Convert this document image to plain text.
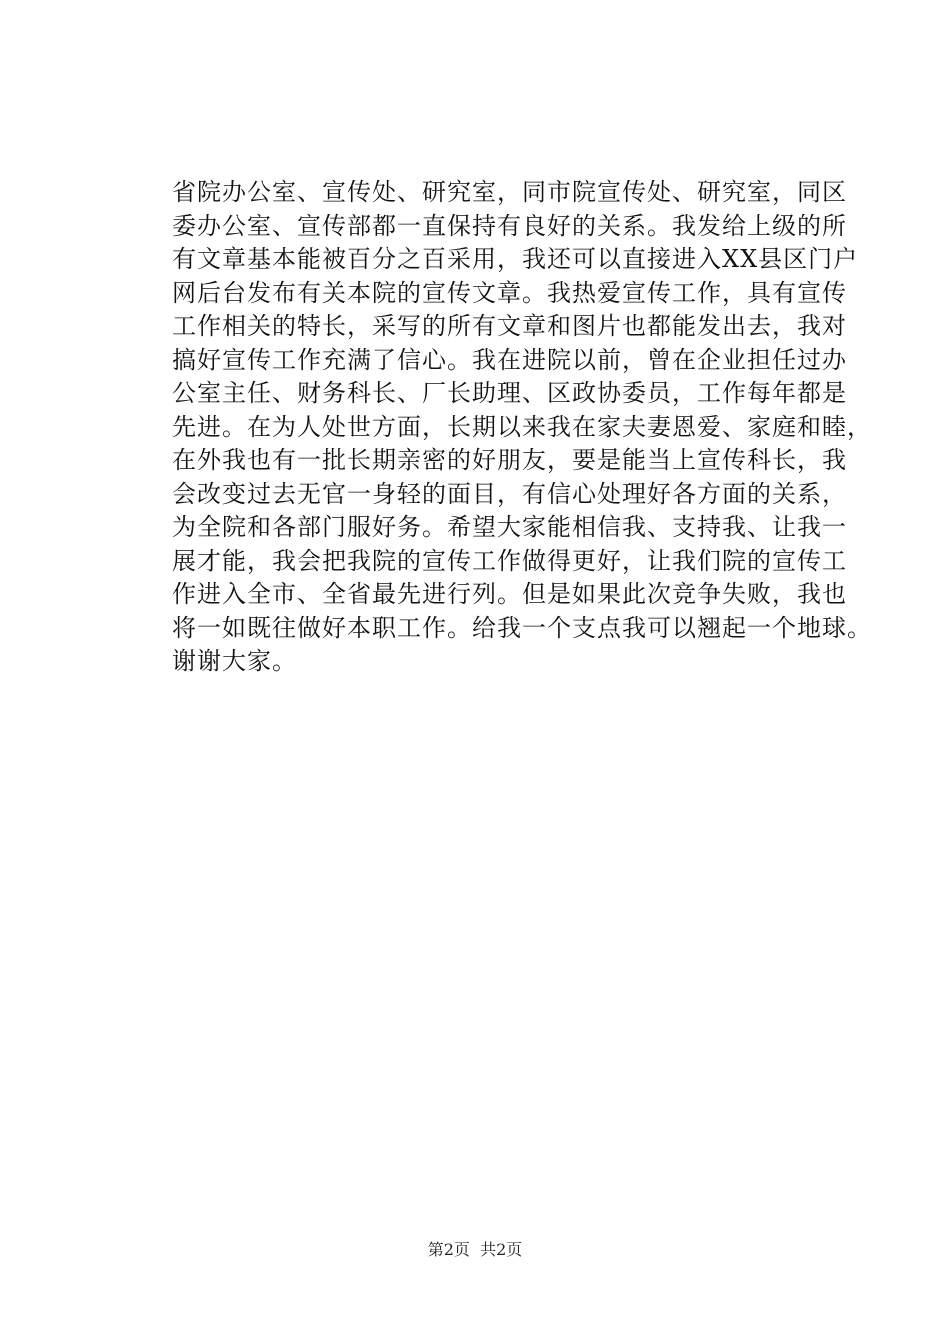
省院办公室、宣传处、研究室，同市院宣传处、研究室，同区
委办公室、宣传部都一直保持有良好的关系。我发给上级的所
有文章基本能被百分之百采用，我还可以直接进入XX县区门户
网后台发布有关本院的宣传文章。我热爱宣传工作，具有宣传
工作相关的特长，采写的所有文章和图片也都能发出去，我对
搞好宣传工作充满了信心。我在进院以前，曾在企业担任过办
公室主任、财务科长、厂长助理、区政协委员，工作每年都是
先进。在为人处世方面，长期以来我在家夫妻恩爱、家庭和睦，
在外我也有一批长期亲密的好朋友，要是能当上宣传科长，我
会改变过去无官一身轻的面目，有信心处理好各方面的关系，
为全院和各部门服好务。希望大家能相信我、支持我、让我一
展才能，我会把我院的宣传工作做得更好，让我们院的宣传工
作进入全市、全省最先进行列。但是如果此次竞争失败，我也
将一如既往做好本职工作。给我一个支点我可以翘起一个地球。
谢谢大家。
第2页 共2页
